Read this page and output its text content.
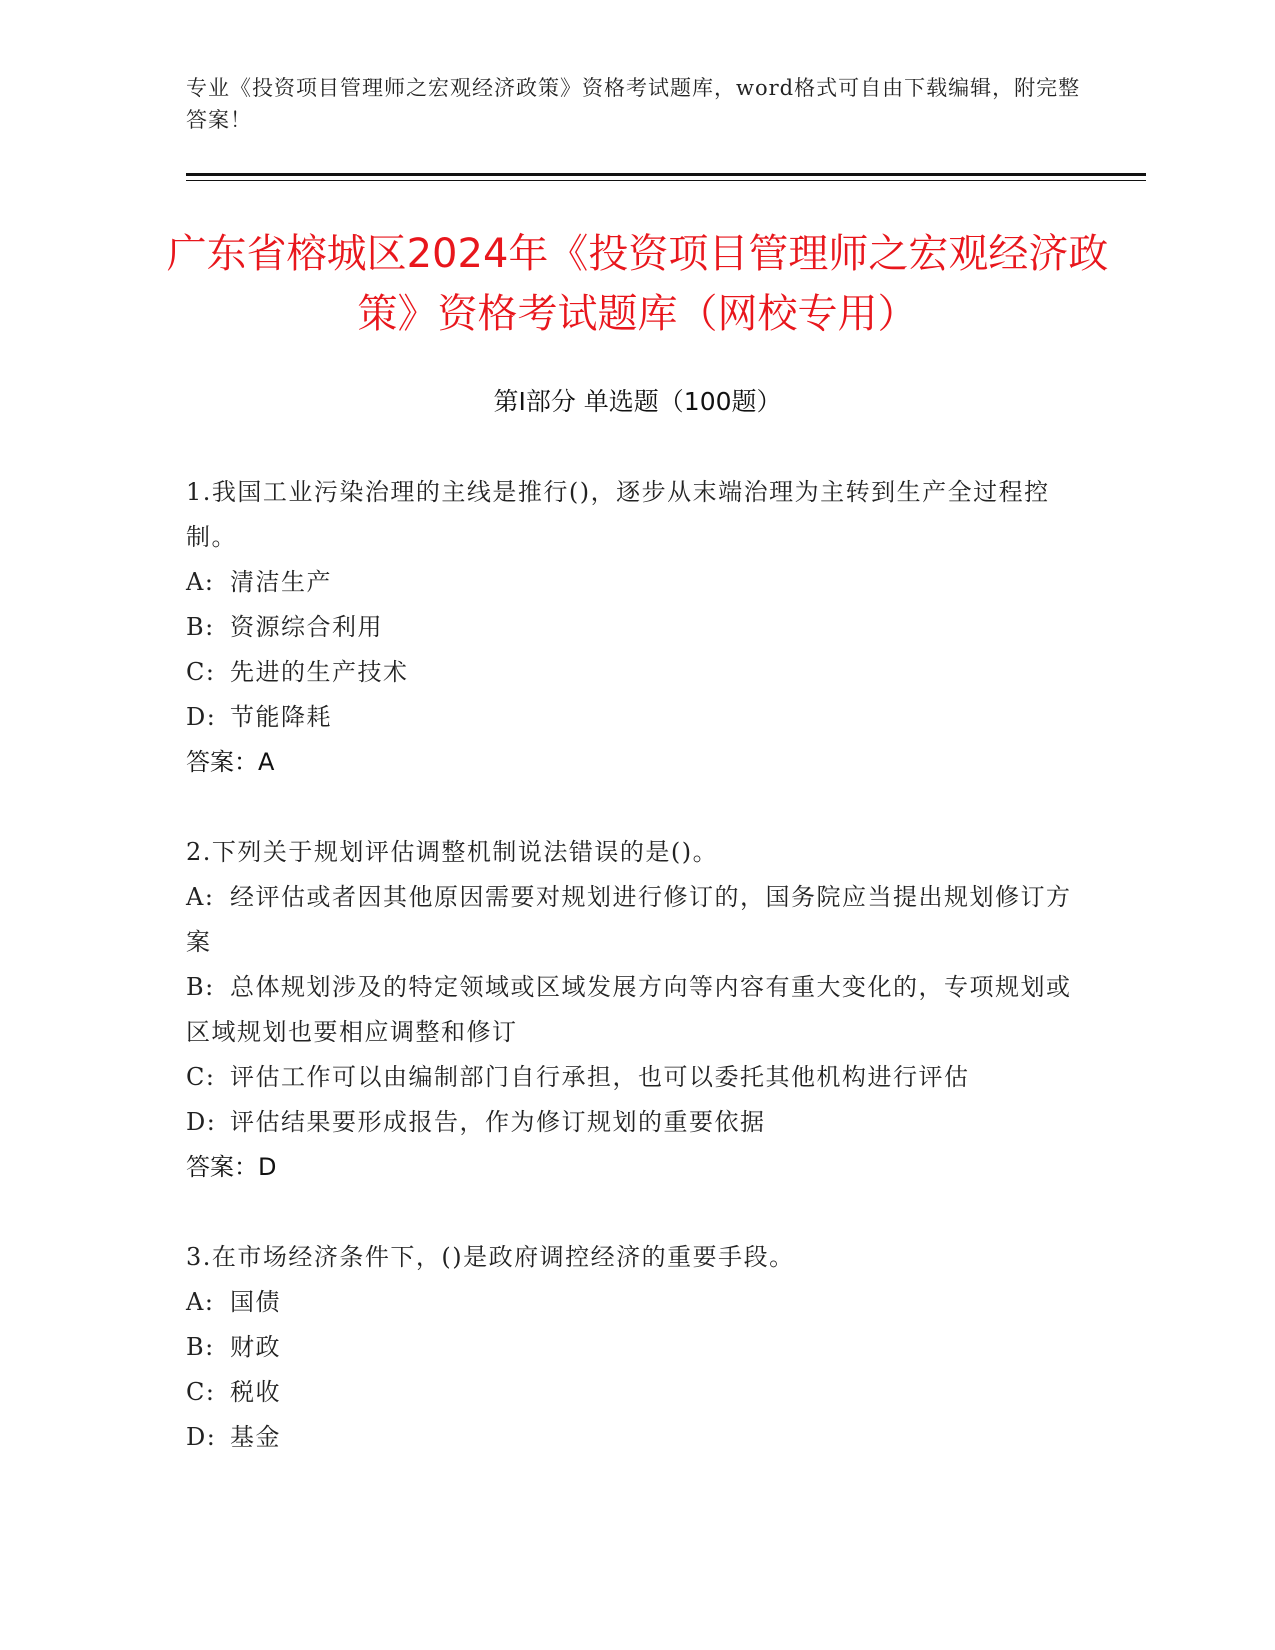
专业《投资项目管理师之宏观经济政策》资格考试题库，word格式可自由下载编辑，附完整答案！
广东省榕城区2024年《投资项目管理师之宏观经济政策》资格考试题库（网校专用）
第Ⅰ部分 单选题（100题）
1.我国工业污染治理的主线是推行()，逐步从末端治理为主转到生产全过程控制。
A: 清洁生产
B: 资源综合利用
C: 先进的生产技术
D: 节能降耗
答案：A
2.下列关于规划评估调整机制说法错误的是()。
A: 经评估或者因其他原因需要对规划进行修订的，国务院应当提出规划修订方案
B: 总体规划涉及的特定领域或区域发展方向等内容有重大变化的，专项规划或区域规划也要相应调整和修订
C: 评估工作可以由编制部门自行承担，也可以委托其他机构进行评估
D: 评估结果要形成报告，作为修订规划的重要依据
答案：D
3.在市场经济条件下，()是政府调控经济的重要手段。
A: 国债
B: 财政
C: 税收
D: 基金
